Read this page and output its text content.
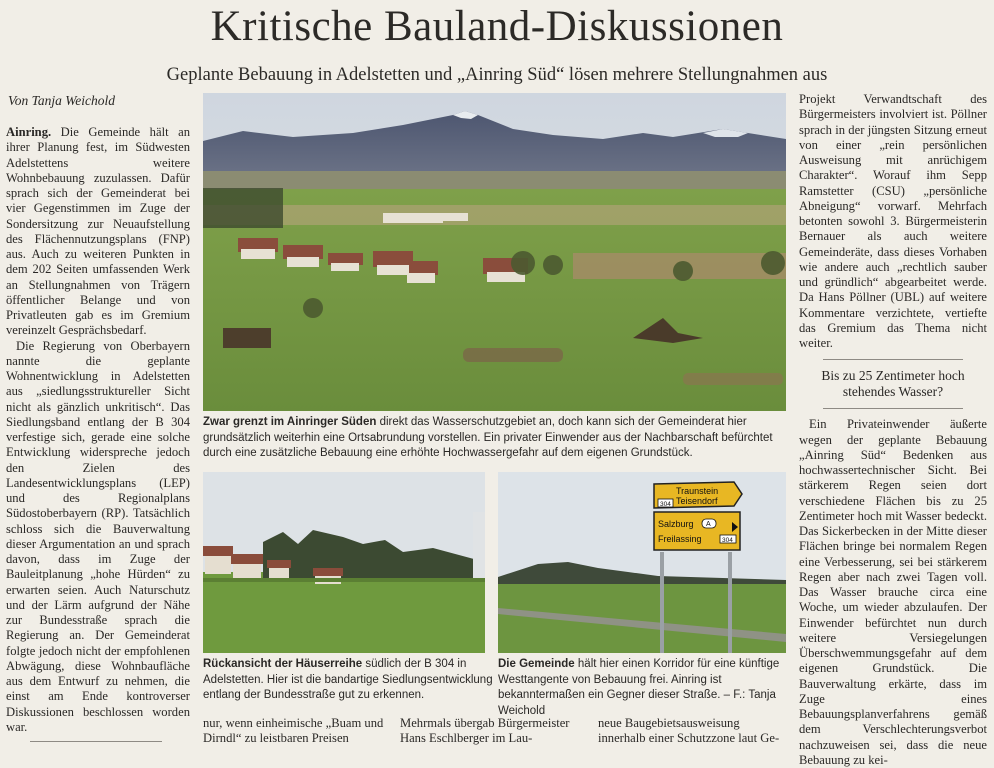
Kritische Bauland-Diskussionen
Geplante Bebauung in Adelstetten und „Ainring Süd“ lösen mehrere Stellungnahmen aus
Von Tanja Weichold

Ainring. Die Gemeinde hält an ihrer Planung fest, im Südwesten Adelstettens weitere Wohnbebauung zuzulassen. Dafür sprach sich der Gemeinderat bei vier Gegenstimmen im Zuge der Sondersitzung zur Neuaufstellung des Flächennutzungsplans (FNP) aus. Auch zu weiteren Punkten in dem 202 Seiten umfassenden Werk an Stellungnahmen von Trägern öffentlicher Belange und von Privatleuten gab es im Gremium vereinzelt Gesprächsbedarf.

Die Regierung von Oberbayern nannte die geplante Wohnentwicklung in Adelstetten aus „siedlungsstruktureller Sicht nicht als gänzlich unkritisch“. Das Siedlungsband entlang der B 304 verfestige sich, gerade eine solche Entwicklung widerspreche jedoch den Zielen des Landesentwicklungsplans (LEP) und des Regionalplans Südostoberbayern (RP). Tatsächlich schloss sich die Bauverwaltung dieser Argumentation an und sprach davon, dass im Zuge der Bauleitplanung „hohe Hürden“ zu erwarten seien. Auch Naturschutz und der Lärm aufgrund der Nähe zur Bundesstraße sprach die Regierung an. Der Gemeinderat folgte jedoch nicht der empfohlenen Abwägung, diese Wohnbaufläche aus dem Entwurf zu nehmen, die einst am Ende kontroverser Diskussionen beschlossen worden war.

Zwar grenzt im Ainringer Süden direkt das Wasserschutzgebiet an, doch kann sich der Gemeinderat hier grundsätzlich weiterhin eine Ortsabrundung vorstellen. Ein privater Einwender aus der Nachbarschaft befürchtet durch eine zusätzliche Bebauung eine erhöhte Hochwassergefahr auf dem eigenen Grundstück.
Rückansicht der Häuserreihe südlich der B 304 in Adelstetten. Hier ist die bandartige Siedlungsentwicklung entlang der Bundesstraße gut zu erkennen.
Traunstein
Teisendorf
304
Salzburg A
Freilassing	304
Die Gemeinde hält hier einen Korridor für eine künftige Westtangente von Bebauung frei. Ainring ist bekanntermaßen ein Gegner dieser Straße. – F.: Tanja Weichold

Projekt Verwandtschaft des Bürgermeisters involviert ist. Pöllner sprach in der jüngsten Sitzung erneut von einer „rein persönlichen Ausweisung mit anrüchigem Charakter“. Worauf ihm Sepp Ramstetter (CSU) „persönliche Abneigung“ vorwarf. Mehrfach betonten sowohl 3. Bürgermeisterin Bernauer als auch weitere Gemeinderäte, dass dieses Vorhaben wie andere auch „rechtlich sauber und gründlich“ abgearbeitet werde. Da Hans Pöllner (UBL) auf weitere Kommentare verzichtete, vertiefte das Gremium das Thema nicht weiter.

Bis zu 25 Zentimeter hoch stehendes Wasser?

Ein Privateinwender äußerte wegen der geplante Bebauung „Ainring Süd“ Bedenken aus hochwassertechnischer Sicht. Bei stärkerem Regen seien dort verschiedene Flächen bis zu 25 Zentimeter hoch mit Wasser bedeckt. Das Sickerbecken in der Mitte dieser Flächen bringe bei normalem Regen eine Verbesserung, sei bei stärkerem Regen aber nach zwei Tagen voll. Das Wasser brauche circa eine Woche, um wieder abzulaufen. Der Einwender befürchtet nun durch weitere Versiegelungen Überschwemmungsgefahr auf dem eigenen Grundstück. Die Bauverwaltung erkärte, dass im Zuge eines Bebauungsplanverfahrens gemäß dem Verschlechterungsverbot nachzuweisen sei, dass die neue Bebauung zu kei-

nur, wenn einheimische „Buam und Dirndl“ zu leistbaren Preisen
Mehrmals übergab Bürgermeister Hans Eschlberger im Lau-
neue Baugebietsausweisung innerhalb einer Schutzzone laut Ge-
